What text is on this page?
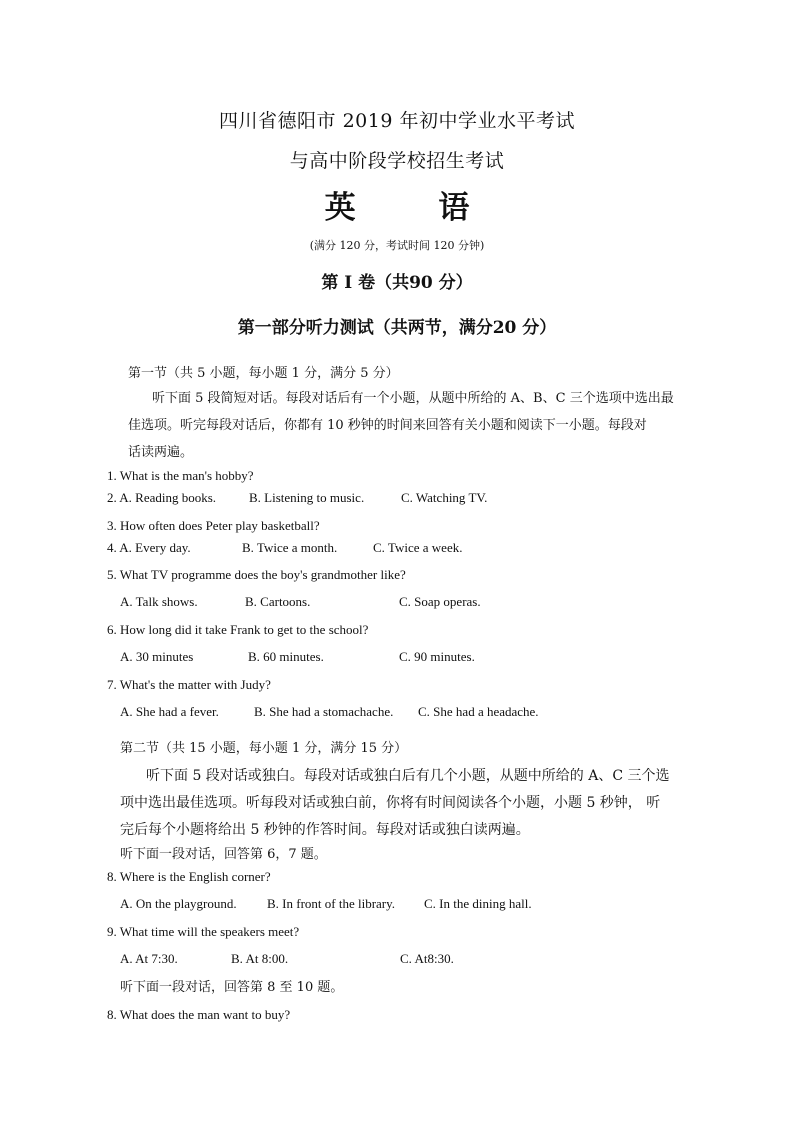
四川省德阳市 2019 年初中学业水平考试
与高中阶段学校招生考试
英 语
(满分 120 分，考试时间 120 分钟)
第 I 卷（共90 分）
第一部分听力测试（共两节，满分20 分）
第一节（共 5 小题，每小题 1 分，满分 5 分）
听下面 5 段简短对话。每段对话后有一个小题，从题中所给的 A、B、C 三个选项中选出最
佳选项。听完每段对话后，你都有 10 秒钟的时间来回答有关小题和阅读下一小题。每段对
话读两遍。
1. What is the man's hobby?
2. A. Reading books.	B. Listening to music.	C. Watching TV.
3. How often does Peter play basketball?
4. A. Every day.	B. Twice a month.	C. Twice a week.
5. What TV programme does the boy's grandmother like?
A. Talk shows.	B. Cartoons.	C. Soap operas.
6. How long did it take Frank to get to the school?
A. 30 minutes	B. 60 minutes.	C. 90 minutes.
7. What's the matter with Judy?
A. She had a fever.	B. She had a stomachache. C. She had a headache.
第二节（共 15 小题，每小题 1 分，满分 15 分）
听下面 5 段对话或独白。每段对话或独白后有几个小题，从题中所给的 A、C 三个选
项中选出最佳选项。听每段对话或独白前，你将有时间阅读各个小题，小题 5 秒钟， 听
完后每个小题将给出 5 秒钟的作答时间。每段对话或独白读两遍。
听下面一段对话，回答第 6，7 题。
8. Where is the English corner?
A. On the playground. B. In front of the library. C. In the dining hall.
9. What time will the speakers meet?
A. At 7:30.	B. At 8:00.	C. At8:30.
听下面一段对话，回答第 8 至 10 题。
8. What does the man want to buy?
